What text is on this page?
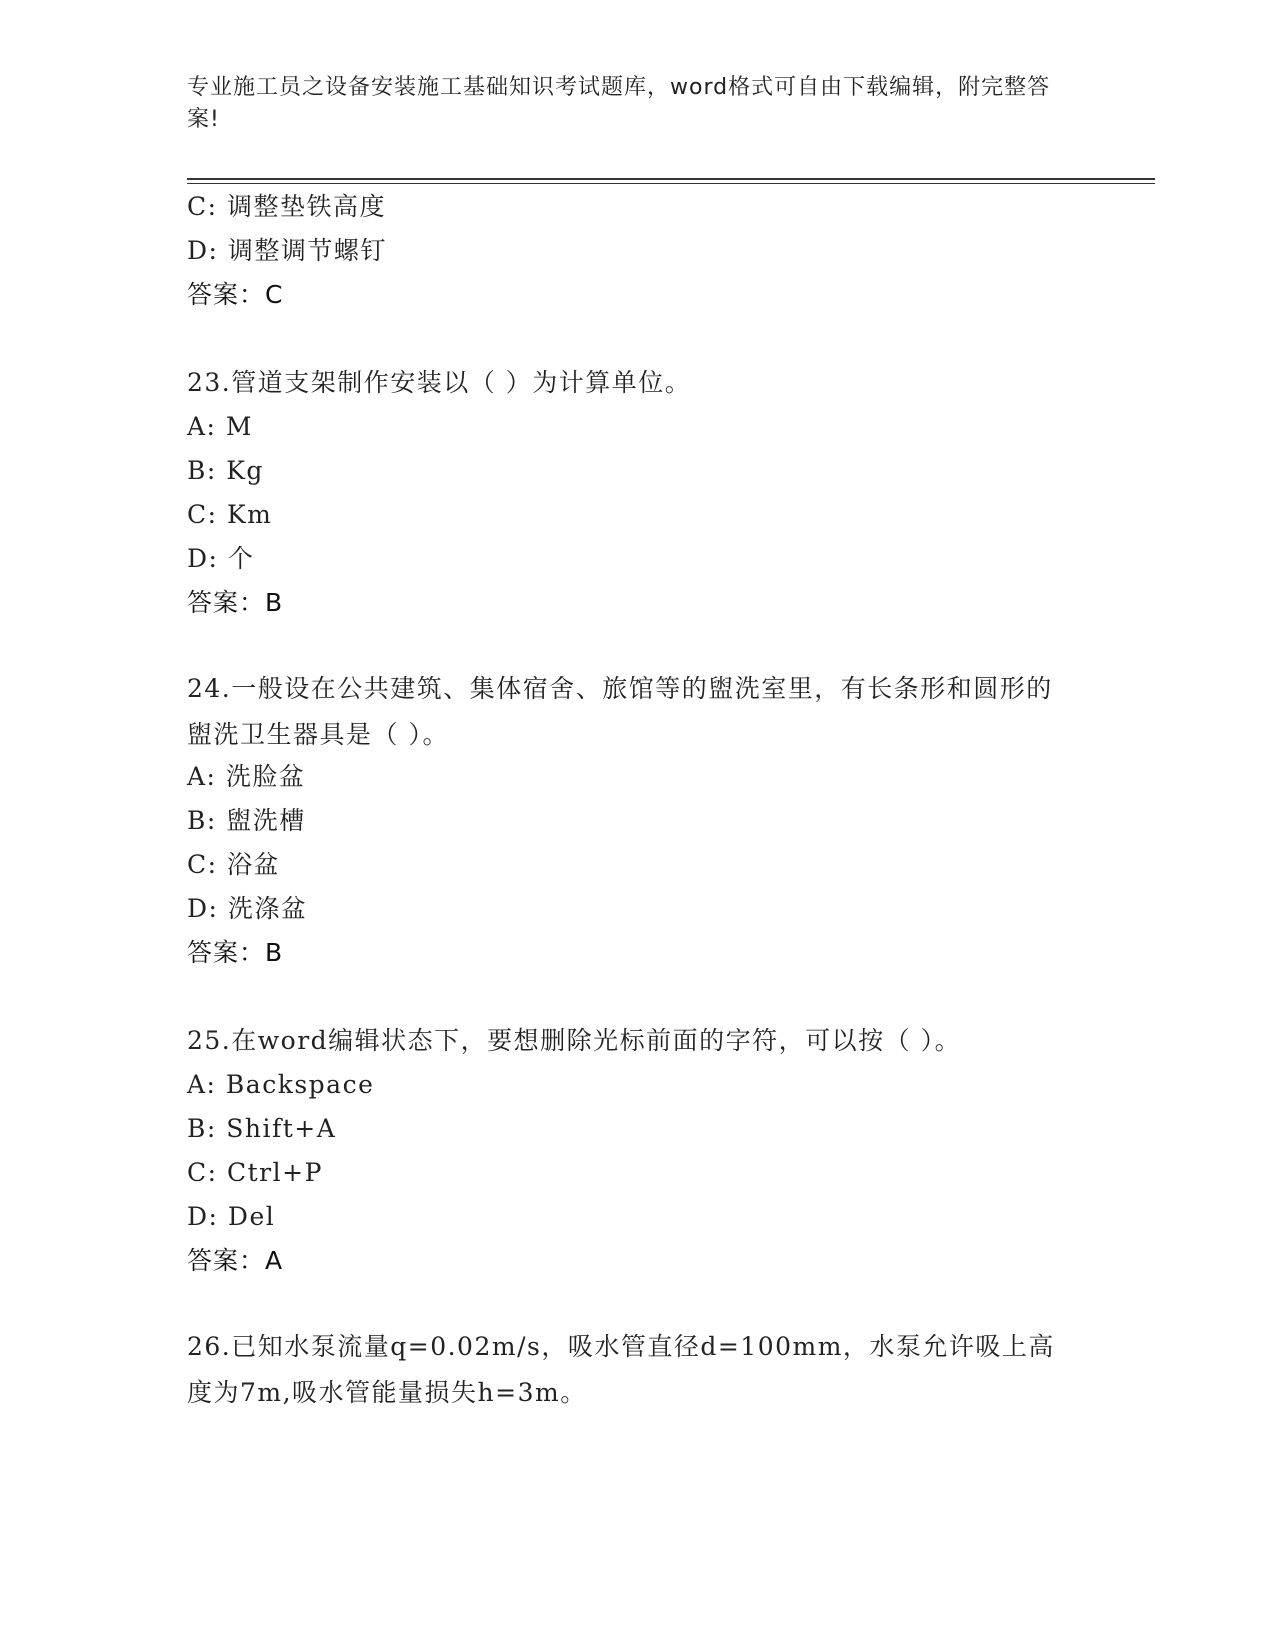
专业施工员之设备安装施工基础知识考试题库，word格式可自由下载编辑，附完整答案!
C: 调整垫铁高度
D: 调整调节螺钉
答案：C
23.管道支架制作安装以（ ）为计算单位。
A: M
B: Kg
C: Km
D: 个
答案：B
24.一般设在公共建筑、集体宿舍、旅馆等的盥洗室里，有长条形和圆形的盥洗卫生器具是（ ）。
A: 洗脸盆
B: 盥洗槽
C: 浴盆
D: 洗涤盆
答案：B
25.在word编辑状态下，要想删除光标前面的字符，可以按（ ）。
A: Backspace
B: Shift+A
C: Ctrl+P
D: Del
答案：A
26.已知水泵流量q=0.02m/s，吸水管直径d=100mm，水泵允许吸上高度为7m,吸水管能量损失h=3m。
